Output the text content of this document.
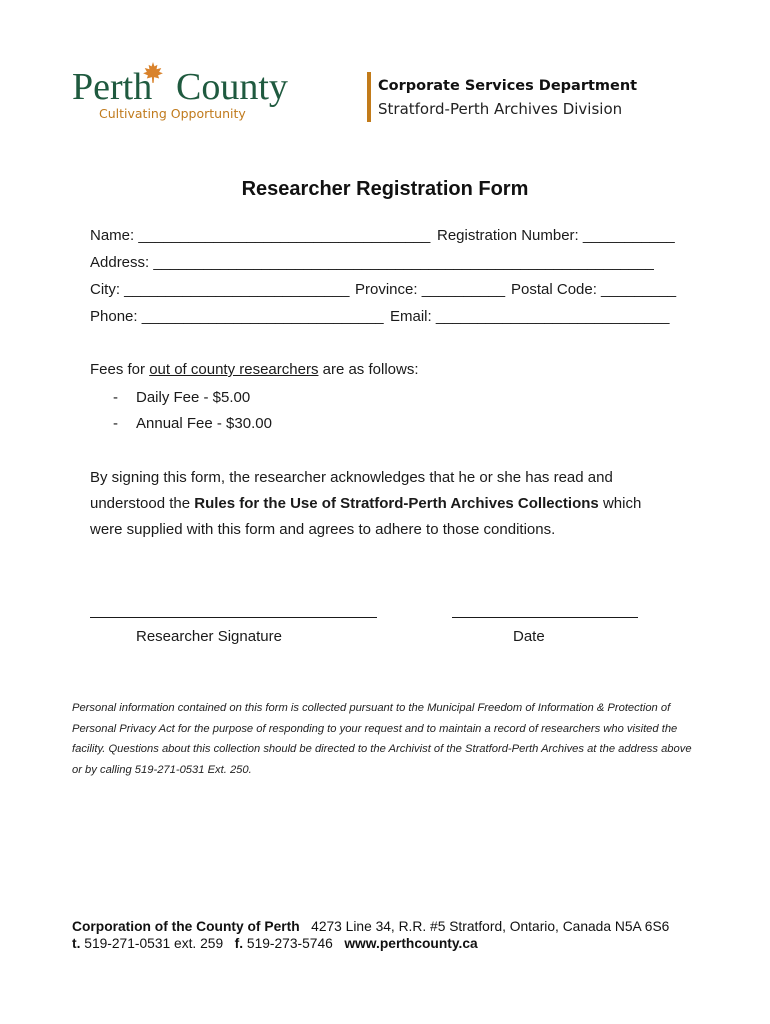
Perth County
Cultivating Opportunity
Corporate Services Department
Stratford-Perth Archives Division
Researcher Registration Form
Name: ___________________________________ Registration Number: ___________
Address: ____________________________________________________________
City: ___________________________ Province: __________ Postal Code: _________
Phone: _____________________________ Email: ____________________________
Fees for out of county researchers are as follows:
- Daily Fee - $5.00
- Annual Fee - $30.00
By signing this form, the researcher acknowledges that he or she has read and
understood the Rules for the Use of Stratford-Perth Archives Collections which
were supplied with this form and agrees to adhere to those conditions.
Researcher Signature	Date
Personal information contained on this form is collected pursuant to the Municipal Freedom of Information & Protection of Personal Privacy Act for the purpose of responding to your request and to maintain a record of researchers who visited the facility. Questions about this collection should be directed to the Archivist of the Stratford-Perth Archives at the address above or by calling 519-271-0531 Ext. 250.
Corporation of the County of Perth 4273 Line 34, R.R. #5 Stratford, Ontario, Canada N5A 6S6
t. 519-271-0531 ext. 259 f. 519-273-5746 www.perthcounty.ca
